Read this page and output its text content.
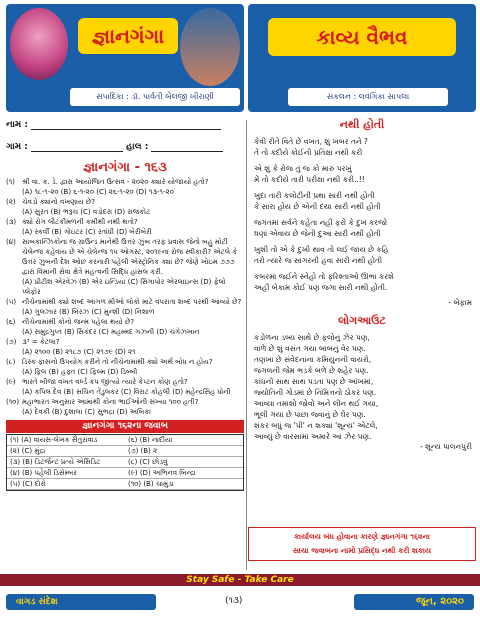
જ્ઞાનગંગા
સંપાદિકા : ડૉ. પાર્વતી બેલજી ખીરાણી
નામ :
ગામ :	હાલ :
જ્ઞાનગંગા - ૧૬૩
(૧)	શ્રી વા. ક. ડે. દ્વારા આયોજિત ઉત્સવ - ૨૦૨૦ ક્યારે યોજાયો હતો?
(A) ૧૮-૧-૨૦ (B) ૬-૧-૨૦ (C) ૨૬-૧-૨૦ (D) ૧૩-૧-૨૦
(૨) ચેવડો ક્યાંનો વખણાય છે?
(A) સુરત (B) ભરૂચ (C) વડોદરા (D) રાજકોટ
(૩) ક્યો રોગ લૌટકીમળની કમીથી નથી થતો?
(A) સ્કર્વી (B) ગોઇટર (C) રતાંધી (D) બેરીબેરી
(૪) સાબકાન્ઝિકોના જ ગ્રાઉન્ડ માનેથી ઉત્તર ઝુંબ તરફ પ્રવાસ જેનો બહુ મોટી ચેલેન્જ કહેવાય છે એ ચેલેન્જ ૧૫ ઓગસ્ટ, ૨૦૧૯ના રોજ સ્વીકારી? એટલે કે ઉત્તર ઝુબની દેશ ઓછ કરનારી પહેલી એસ્ટ્રોનિક ક્યાં છે? જેણે ખોઇમ ૭૭૭ દ્વારા વિમાની સેવા ક્ષેત્રે મહત્વની સિદ્ધિ હાંસલ કરી.
(A) પ્રીટીશ એરવેઝ (B) એર ઇન્ડિયા (C) સિંગાપોર એરલાઇન્સ (D) ફેલો પ્લેફોર
(૫) નીચેનામાંથી ક્યો શબ્દ આગળ મીઓ લોકો માટે વપરાતા શબ્દ પરથી આવ્યો છે?
(A) ગુલઝાર (B) બિરઝ (C) મુન્શી (D) નિશાળ
(૬) નીચેનામાંથી કોનો જન્મ પહેલા થયો છે?
(A) સમુદ્રગુપ્ત (B) સિકંદર (C) મહમ્મદ ગઝની (D) ચંગેઝખાન
(૭) ૩³ = કેટલા?
(A) ૨૧૦૦ (B) ૨૧૮૭ (C) ૨૧૭૯ (D) ૨૧
(૮) ડિસ્ક ફાસનો ઉપયોગ કરીને તો નીચેનામાંથી ક્યો અર્થ બોધ ન હોય?
(A) ફિલ (B) હફ્ત (C) ફિલ્મ (D) ડિબ્બી
(૯) ભારતે બીજા વખત વર્લ્ડ કપ જીત્યો ત્યારે કેપ્ટન કોણ હતો?
(A) કપિલ દેવ (B) સચિન તેંડુલકર (C) વિરાટ કોહલી (D) મહેન્દ્રસિંહ ધોની
(૧૦) મહાભારત અનુસાર આમાંથી કોના ભાઈઓની સંખ્યા ૧૦૦ હતી?
(A) દેવકી (B) દુશાલા (C) સુભદ્રા (D) અંબિકા
જ્ઞાનગંગા ૧૬૨ના જવાબ
(૧) (A) વાયસ-લેખક સૈતુરાંવાડ	(૬) (B) નાદીયા
(૨) (C) મુંદ્રા	(૭) (B) ૨
(૩) (B) ડિટર્જન્ટ પ્રત્યે એસિડિટ	(૮) (C) છોડવું
(૪) (B) પહેલી ડિસેમ્બર	(૯) (D) અભિનવ બિન્દ્રા
(૫) (C) દોરો	(૧૦) (B) ચામુંડા
કાવ્ય વૈભવ
સંકલન : લવંગિકા સાપલા
નથી હોતી
કેવી રીતે વિતે છે વખત, શું ખબર તને ?
તેં તો કદીયે કોઈની પ્રતિક્ષા નથી કરી
એ શું કે રોજ તું જ કો મારું પરખું
મેં તો કદીયે તારી પરીક્ષા નથી કરી..!!
ખુદા તારી કલોટીની પ્રથા સારી નથી હોતી
કે સારા હોય છે એની દયા સારી નથી હોતી
જગતમાં સર્વને કહેતા નહીં ફરો કે દુખ કરજો
ઘણાં એવાય છે જેની દુઆ સારી નથી હોતી
ખુશી તો એ કે દુખી થાવ તો લઈ જાય છે કહિ
તરો ત્યારે જ સાગરની હવા સારી નથી હોતી
કબરમાં જઈને સ્નેહો તો ફરિશ્તાઓ ઊભા કરશે
અહીં બેકામ કોઈ પણ જગા સારી નથી હોતી.
- બેફામ
લોગઆઉટ
કડોળના ડબ્ય સાથે છે ફલોનું ઝેર પણ,
વાળે છે શું વસંત ગયા બાબનું વેર પણ.
તણખા છે સંવેદનાના કમિયુનની વાયરો,
જંગલની જેમ ભડકે બળે છે શહેર પણ.
કાંધની સાથ સાથ પડતાં પણ છે આંખમાં,
જ્યોતિની ગોડમાં છે નિમિત્તનો ઠોકર પણ.
આવ્યા તમાશો જોવો અને લીન થઈ ગયા,
ભૂલી ગયા છે પાછા જવાનું છે ઘેર પણ.
શંકર બધું જ 'પી' ન શક્યા 'શૂન્ય' એટલે,
આવ્યું છે વારસામાં અમારે આ ઝેર પણ.
- શૂન્ય પાલનપુરી
કાર્યાલય બંધ હોવાના કારણે જ્ઞાનગંગા ૧૬૨ના
સાચા જવાબના નામો પ્રસિદ્ધ નથી કરી શકાય
Stay Safe - Take Care
વાગડ સંદેશ	(૧૩)	જૂન, ૨૦૨૦
